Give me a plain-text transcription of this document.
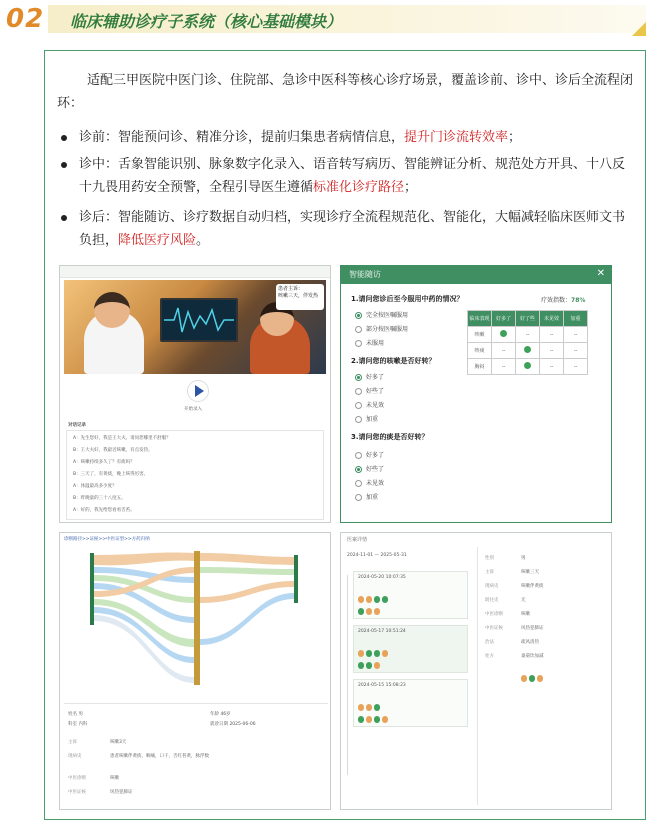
02 临床辅助诊疗子系统（核心基础模块）

适配三甲医院中医门诊、住院部、急诊中医科等核心诊疗场景，覆盖诊前、诊中、诊后全流程闭环：

诊前：智能预问诊、精准分诊，提前归集患者病情信息，提升门诊流转效率；
诊中：舌象智能识别、脉象数字化录入、语音转写病历、智能辨证分析、规范处方开具、十八反十九畏用药安全预警，全程引导医生遵循标准化诊疗路径；
诊后：智能随访、诊疗数据自动归档，实现诊疗全流程规范化、智能化，大幅减轻临床医师文书负担，降低医疗风险。
患者主诉：
咳嗽三天，伴发热
开始录入
对话记录
A：先生您好，我是王大夫。请问您哪里不舒服？
B：王大夫好，我最近咳嗽，有点发热。
A：咳嗽持续多久了？有痰吗？
B：三天了，有黄痰，晚上咳得厉害。
A：体温最高多少度？
B：昨晚量的三十八度五。
A：好的，我先给您看看舌苔。
智能随访	✕
1.请问您诊后至今服用中药的情况？	疗效指数：78%
完全按医嘱服用
部分按医嘱服用
未服用
2.请问您的咳嗽是否好转？
好多了
好些了
未见效
加重
3.请问您的痰是否好转？
好多了
好些了
未见效
加重
临床表现	好多了	好了些	未见效	加重
咳嗽		--	--	--
咳痰	--		--	--
胸闷	--		--	--
诊断路径>>证候>>中医证型>>方药归纳
姓名 男	年龄 46岁
科室 内科	就诊日期 2025-06-06
主诉	咳嗽3天
现病史	患者咳嗽伴黄痰，咽痛，口干，舌红苔黄，脉浮数
中医诊断	咳嗽
中医证候	风热犯肺证
医案详情
2024-11-01 — 2025-05-31
2024-05-20 10:07:35
2024-05-17 10:51:24
2024-05-15 15:08:23
性别	男
主诉	咳嗽三天
现病史	咳嗽伴黄痰
既往史	无
中医诊断	咳嗽
中医证候	风热犯肺证
治法	疏风清热
处方	桑菊饮加减
